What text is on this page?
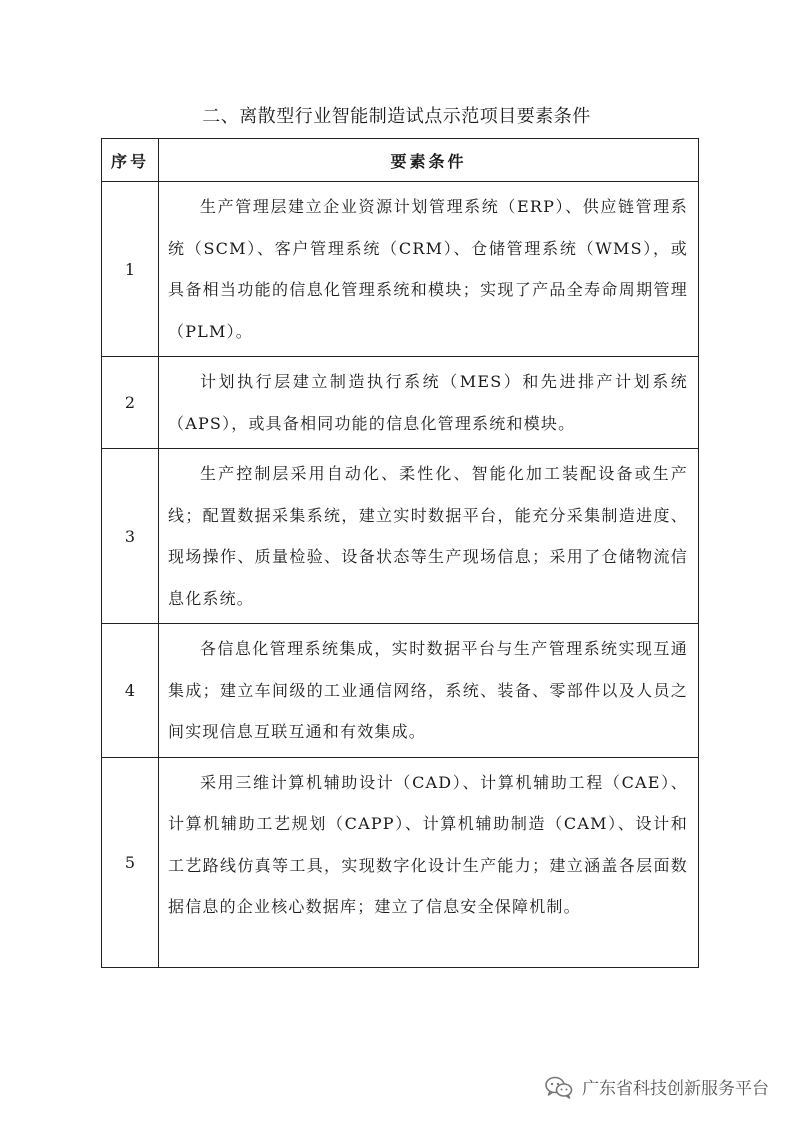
二、离散型行业智能制造试点示范项目要素条件
序号	要素条件
1	生产管理层建立企业资源计划管理系统（ERP）、供应链管理系统（SCM）、客户管理系统（CRM）、仓储管理系统（WMS），或具备相当功能的信息化管理系统和模块；实现了产品全寿命周期管理（PLM）。

2	计划执行层建立制造执行系统（MES）和先进排产计划系统（APS），或具备相同功能的信息化管理系统和模块。

3	生产控制层采用自动化、柔性化、智能化加工装配设备或生产线；配置数据采集系统，建立实时数据平台，能充分采集制造进度、现场操作、质量检验、设备状态等生产现场信息；采用了仓储物流信息化系统。

4	各信息化管理系统集成，实时数据平台与生产管理系统实现互通集成；建立车间级的工业通信网络，系统、装备、零部件以及人员之间实现信息互联互通和有效集成。

5	采用三维计算机辅助设计（CAD）、计算机辅助工程（CAE）、计算机辅助工艺规划（CAPP）、计算机辅助制造（CAM）、设计和工艺路线仿真等工具，实现数字化设计生产能力；建立涵盖各层面数据信息的企业核心数据库；建立了信息安全保障机制。
广东省科技创新服务平台
